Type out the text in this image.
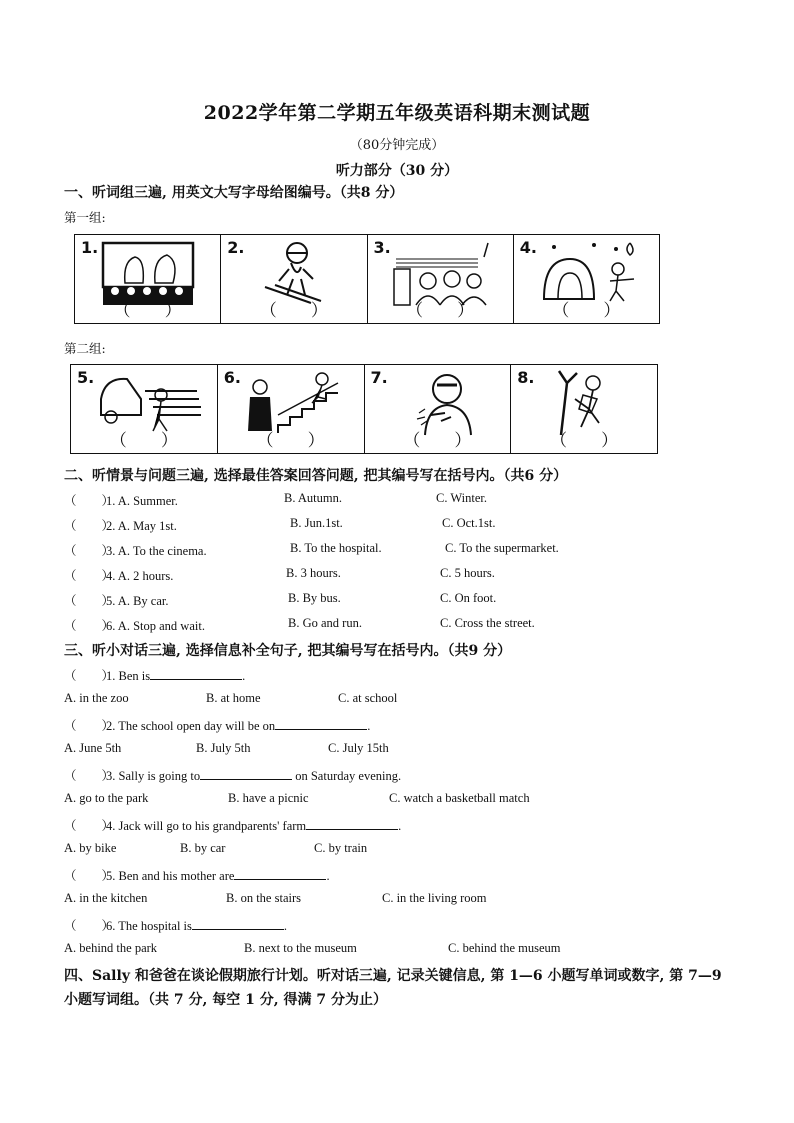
2022学年第二学期五年级英语科期末测试题
（80分钟完成）
听力部分（30 分）
一、听词组三遍, 用英文大写字母给图编号。（共8 分）
第一组:
1.
（　　）
2.
（　　）
3.
（　　）
4.
（　　）
第二组:
5.
（　　）
6.
（　　）
7.
（　　）
8.
（　　）
二、听情景与问题三遍, 选择最佳答案回答问题, 把其编号写在括号内。（共6 分）
（　　）1. A. Summer.	B. Autumn.	C. Winter.
（　　）2. A. May 1st.	B. Jun.1st.	C. Oct.1st.
（　　）3. A. To the cinema.	B. To the hospital.	C. To the supermarket.
（　　）4. A. 2 hours.	B. 3 hours.	C. 5 hours.
（　　）5. A. By car.	B. By bus.	C. On foot.
（　　）6. A. Stop and wait.	B. Go and run.	C. Cross the street.
三、听小对话三遍, 选择信息补全句子, 把其编号写在括号内。（共9 分）
（　　）1. Ben is	.
A. in the zoo	B. at home	C. at school
（　　）2. The school open day will be on	.
A. June 5th	B. July 5th	C. July 15th
（　　）3. Sally is going to	on Saturday evening.
A. go to the park	B. have a picnic	C. watch a basketball match
（　　）4. Jack will go to his grandparents' farm	.
A. by bike	B. by car	C. by train
（　　）5. Ben and his mother are	.
A. in the kitchen	B. on the stairs	C. in the living room
（　　）6. The hospital is	.
A. behind the park	B. next to the museum	C. behind the museum
四、Sally 和爸爸在谈论假期旅行计划。听对话三遍, 记录关键信息, 第 1—6 小题写单词或数字, 第 7—9 小题写词组。（共 7 分, 每空 1 分, 得满 7 分为止）
